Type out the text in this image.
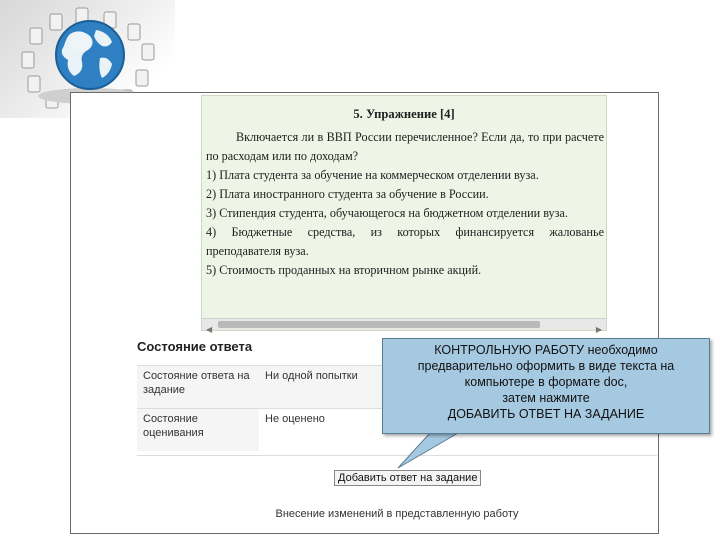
5. Упражнение [4]

Включается ли в ВВП России перечисленное? Если да, то при расчете по расходам или по доходам?

1) Плата студента за обучение на коммерческом отделении вуза.

2) Плата иностранного студента за обучение в России.

3) Стипендия студента, обучающегося на бюджетном отделении вуза.

4) Бюджетные средства, из которых финансируется жалованье преподавателя вуза.

5) Стоимость проданных на вторичном рынке акций.

◀	▶
Состояние ответа
Состояние ответа на задание	Ни одной попытки
Состояние оценивания	Не оценено
Добавить ответ на задание
Внесение изменений в представленную работу
КОНТРОЛЬНУЮ РАБОТУ необходимо
предварительно оформить в виде текста на
компьютере в формате doc,
затем нажмите
ДОБАВИТЬ ОТВЕТ НА ЗАДАНИЕ
